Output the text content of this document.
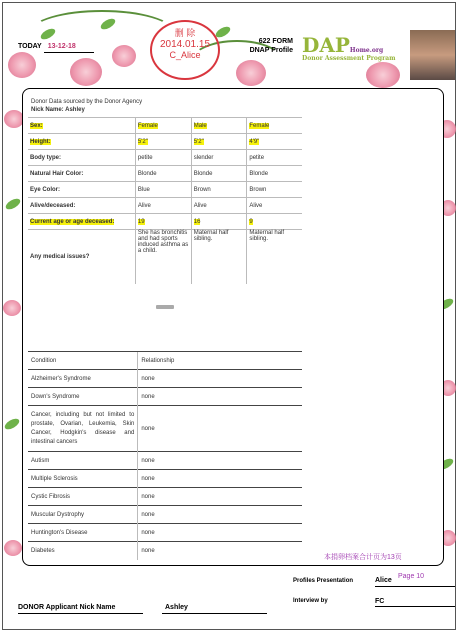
TODAY 13-12-18
删 除
2014.01.15
C_Alice
622 FORM
DNAP Profile DAPHome.org
Donor Assessment Program
Donor Data sourced by the Donor Agency
Nick Name: Ashley
Sex:	Female	Male	Female
Height:	5'2"	5'2"	4'9"
Body type:	petite	slender	petite
Natural Hair Color:	Blonde	Blonde	Blonde
Eye Color:	Blue	Brown	Brown
Alive/deceased:	Alive	Alive	Alive
Current age or age deceased:	19	16	9
Any medical issues?	She has bronchitis and had sports induced asthma as a child.	Maternal half sibling.	Maternal half sibling.
Condition	Relationship
Alzheimer's Syndrome	none
Down's Syndrome	none
Cancer, including but not limited to prostate, Ovarian, Leukemia, Skin Cancer, Hodgkin's disease and intestinal cancers	none
Autism	none
Multiple Sclerosis	none
Cystic Fibrosis	none
Muscular Dystrophy	none
Huntington's Disease	none
Diabetes	none
本捐卵档案合计页为13页
Profiles Presentation	Alice
Page 10
Interview by	FC
DONOR Applicant Nick Name	Ashley
